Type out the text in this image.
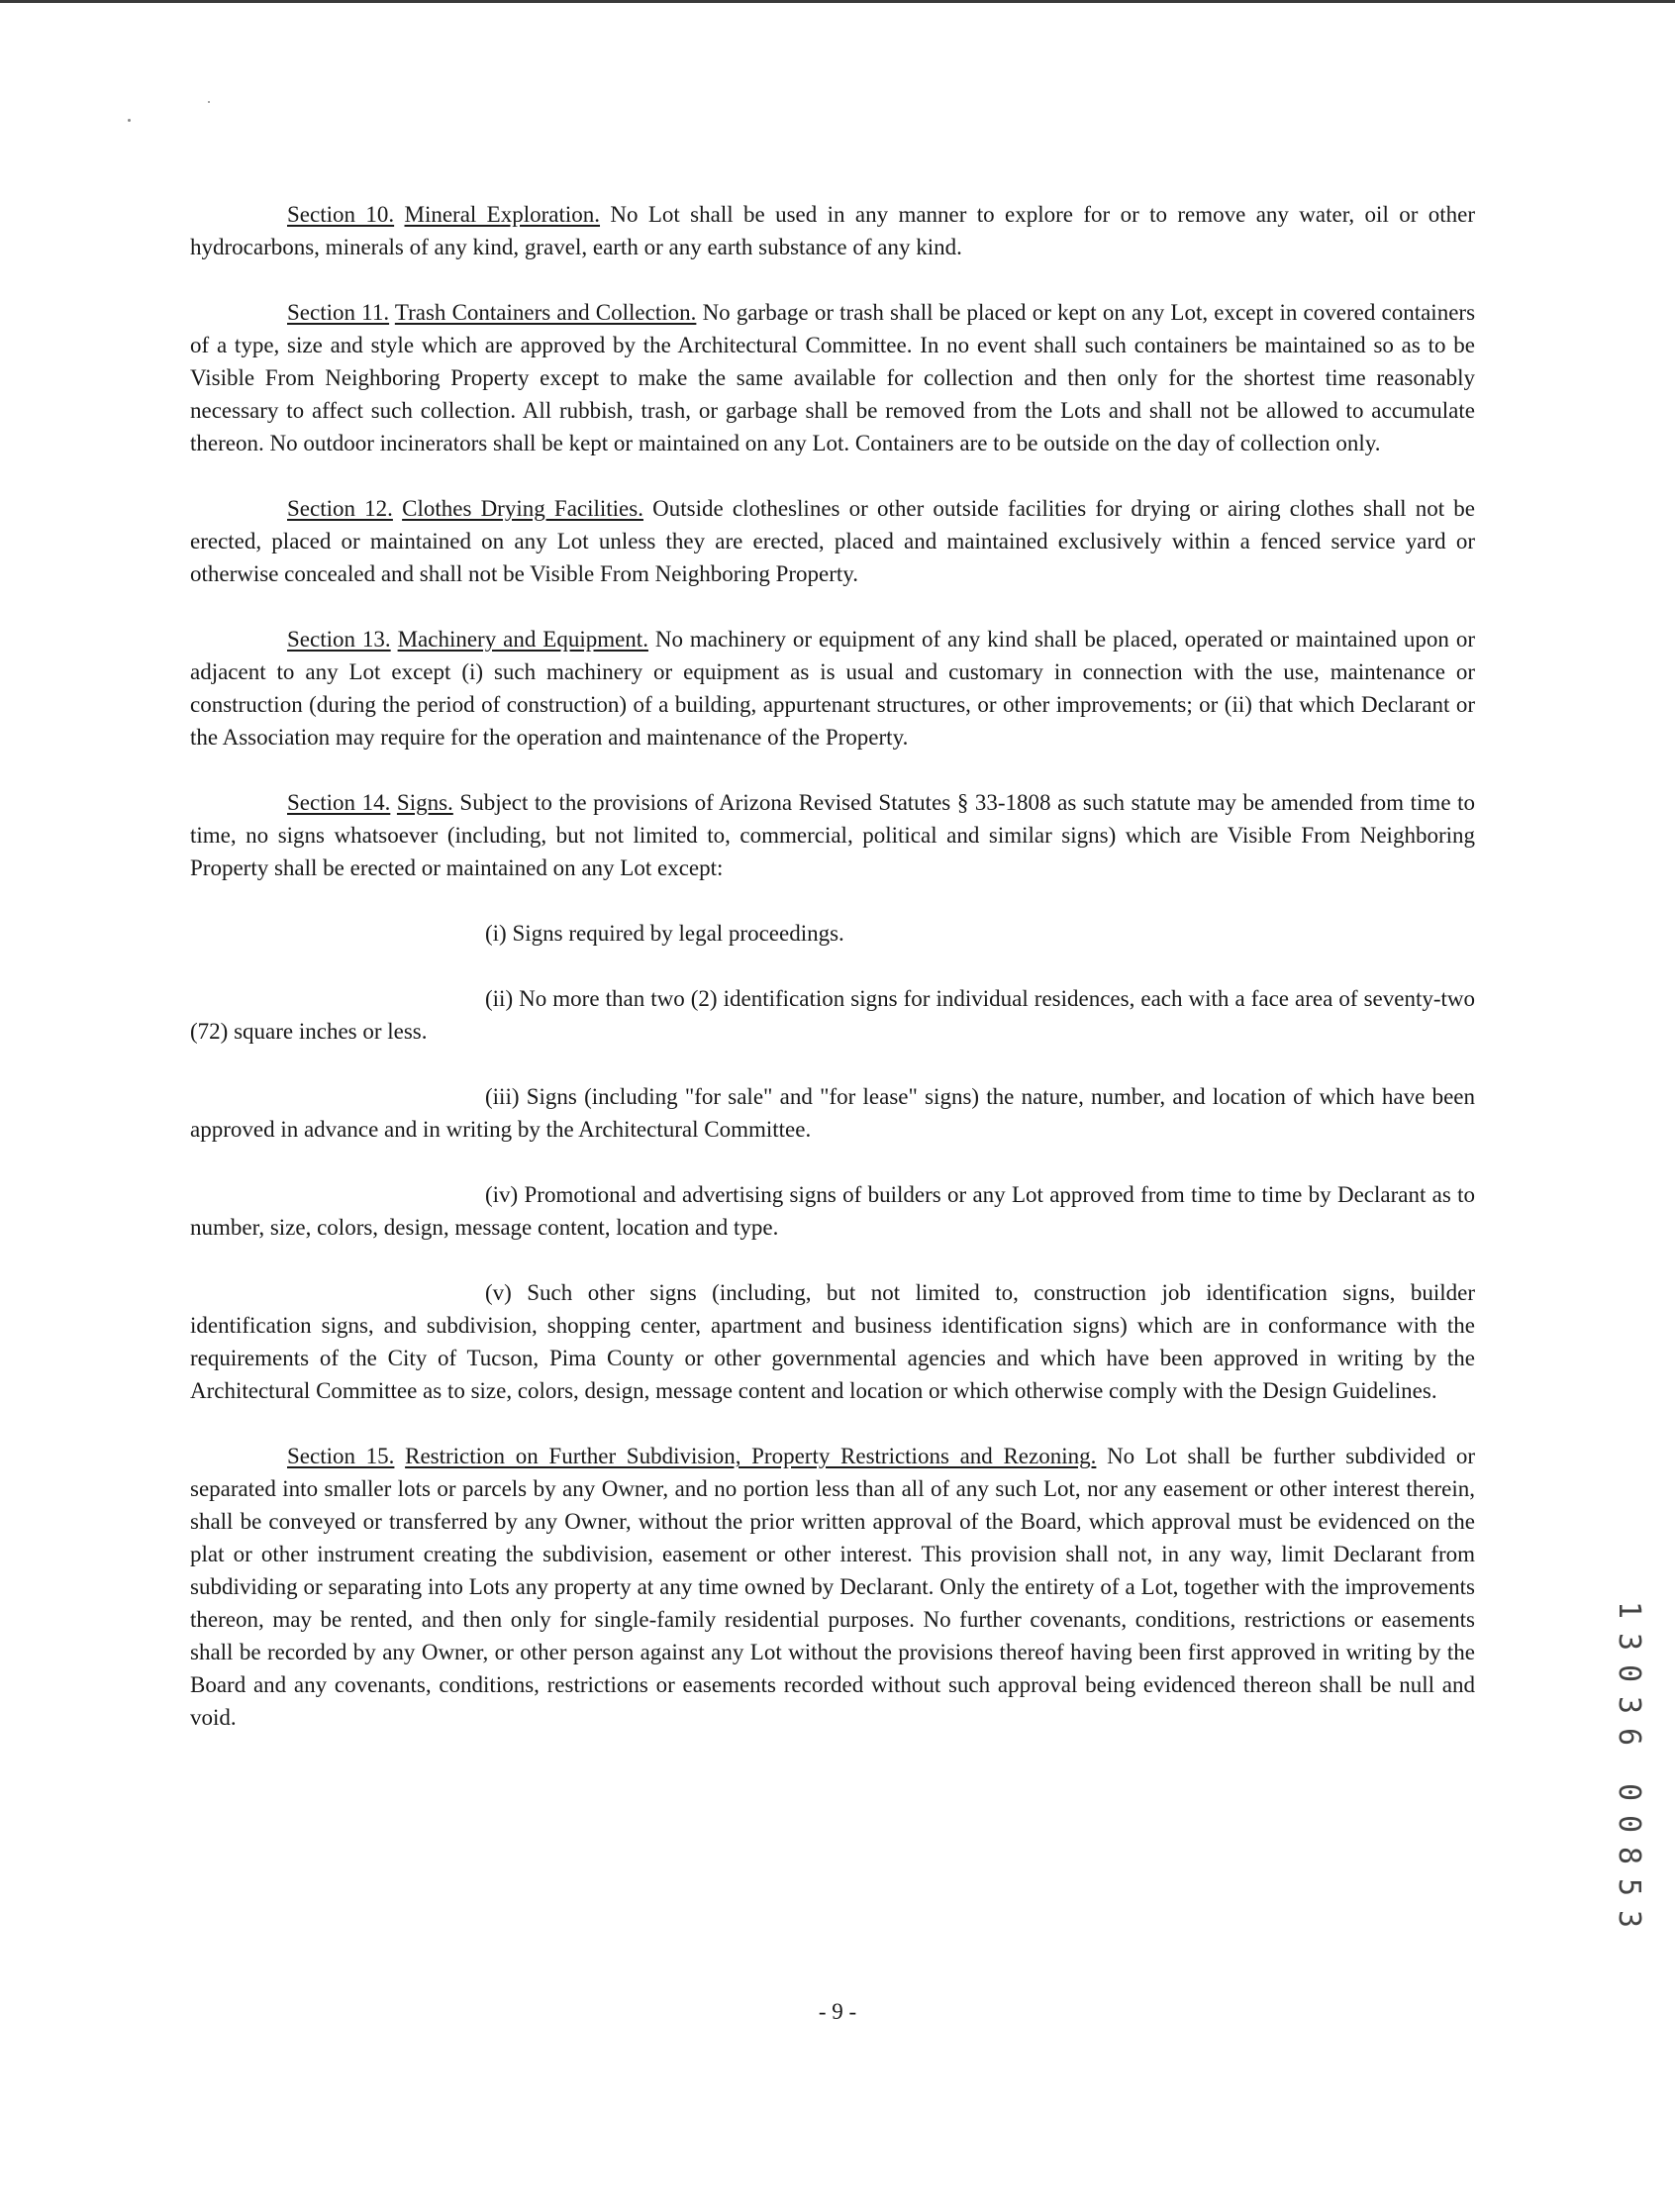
Section 10. Mineral Exploration. No Lot shall be used in any manner to explore for or to remove any water, oil or other hydrocarbons, minerals of any kind, gravel, earth or any earth substance of any kind.

Section 11. Trash Containers and Collection. No garbage or trash shall be placed or kept on any Lot, except in covered containers of a type, size and style which are approved by the Architectural Committee. In no event shall such containers be maintained so as to be Visible From Neighboring Property except to make the same available for collection and then only for the shortest time reasonably necessary to affect such collection. All rubbish, trash, or garbage shall be removed from the Lots and shall not be allowed to accumulate thereon. No outdoor incinerators shall be kept or maintained on any Lot. Containers are to be outside on the day of collection only.

Section 12. Clothes Drying Facilities. Outside clotheslines or other outside facilities for drying or airing clothes shall not be erected, placed or maintained on any Lot unless they are erected, placed and maintained exclusively within a fenced service yard or otherwise concealed and shall not be Visible From Neighboring Property.

Section 13. Machinery and Equipment. No machinery or equipment of any kind shall be placed, operated or maintained upon or adjacent to any Lot except (i) such machinery or equipment as is usual and customary in connection with the use, maintenance or construction (during the period of construction) of a building, appurtenant structures, or other improvements; or (ii) that which Declarant or the Association may require for the operation and maintenance of the Property.

Section 14. Signs. Subject to the provisions of Arizona Revised Statutes § 33-1808 as such statute may be amended from time to time, no signs whatsoever (including, but not limited to, commercial, political and similar signs) which are Visible From Neighboring Property shall be erected or maintained on any Lot except:

(i) Signs required by legal proceedings.

(ii) No more than two (2) identification signs for individual residences, each with a face area of seventy-two (72) square inches or less.

(iii) Signs (including "for sale" and "for lease" signs) the nature, number, and location of which have been approved in advance and in writing by the Architectural Committee.

(iv) Promotional and advertising signs of builders or any Lot approved from time to time by Declarant as to number, size, colors, design, message content, location and type.

(v) Such other signs (including, but not limited to, construction job identification signs, builder identification signs, and subdivision, shopping center, apartment and business identification signs) which are in conformance with the requirements of the City of Tucson, Pima County or other governmental agencies and which have been approved in writing by the Architectural Committee as to size, colors, design, message content and location or which otherwise comply with the Design Guidelines.

Section 15. Restriction on Further Subdivision, Property Restrictions and Rezoning. No Lot shall be further subdivided or separated into smaller lots or parcels by any Owner, and no portion less than all of any such Lot, nor any easement or other interest therein, shall be conveyed or transferred by any Owner, without the prior written approval of the Board, which approval must be evidenced on the plat or other instrument creating the subdivision, easement or other interest. This provision shall not, in any way, limit Declarant from subdividing or separating into Lots any property at any time owned by Declarant. Only the entirety of a Lot, together with the improvements thereon, may be rented, and then only for single-family residential purposes. No further covenants, conditions, restrictions or easements shall be recorded by any Owner, or other person against any Lot without the provisions thereof having been first approved in writing by the Board and any covenants, conditions, restrictions or easements recorded without such approval being evidenced thereon shall be null and void.

- 9 -
1
3
0
3
6
0
0
8
5
3
